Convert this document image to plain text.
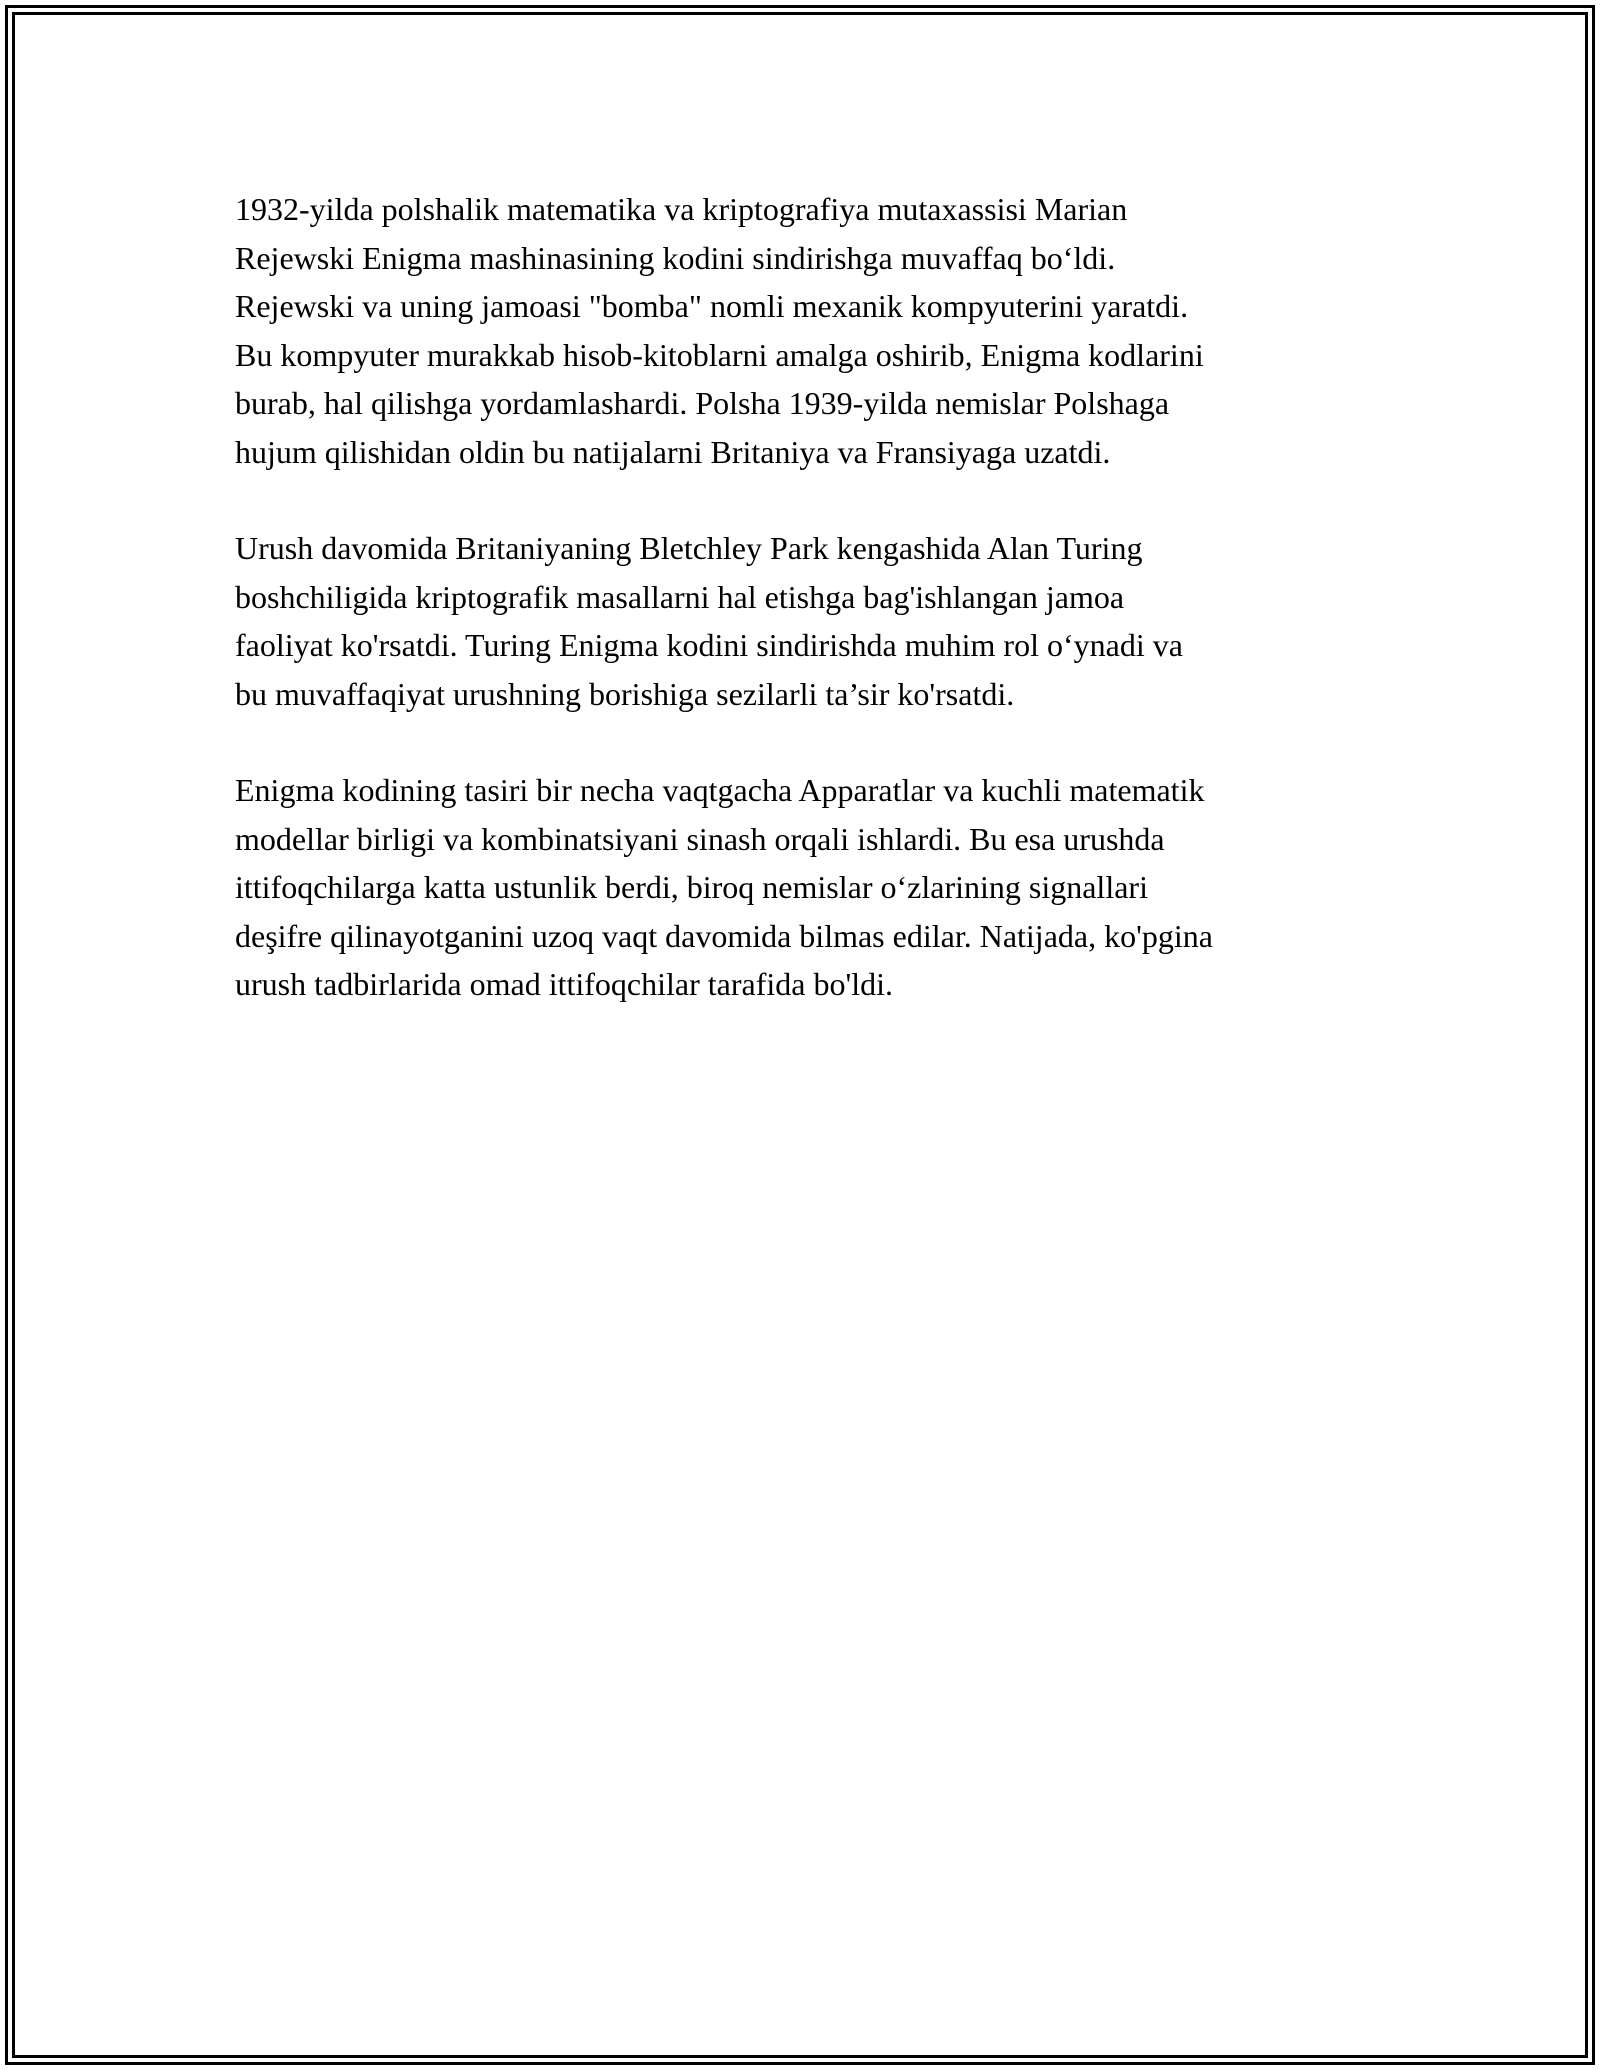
1932-yilda polshalik matematika va kriptografiya mutaxassisi Marian
Rejewski Enigma mashinasining kodini sindirishga muvaffaq boʻldi.
Rejewski va uning jamoasi "bomba" nomli mexanik kompyuterini yaratdi.
Bu kompyuter murakkab hisob-kitoblarni amalga oshirib, Enigma kodlarini
burab, hal qilishga yordamlashardi. Polsha 1939-yilda nemislar Polshaga
hujum qilishidan oldin bu natijalarni Britaniya va Fransiyaga uzatdi.

Urush davomida Britaniyaning Bletchley Park kengashida Alan Turing
boshchiligida kriptografik masallarni hal etishga bag'ishlangan jamoa
faoliyat ko'rsatdi. Turing Enigma kodini sindirishda muhim rol oʻynadi va
bu muvaffaqiyat urushning borishiga sezilarli ta’sir ko'rsatdi.

Enigma kodining tasiri bir necha vaqtgacha Apparatlar va kuchli matematik
modellar birligi va kombinatsiyani sinash orqali ishlardi. Bu esa urushda
ittifoqchilarga katta ustunlik berdi, biroq nemislar oʻzlarining signallari
deşifre qilinayotganini uzoq vaqt davomida bilmas edilar. Natijada, ko'pgina
urush tadbirlarida omad ittifoqchilar tarafida bo'ldi.
